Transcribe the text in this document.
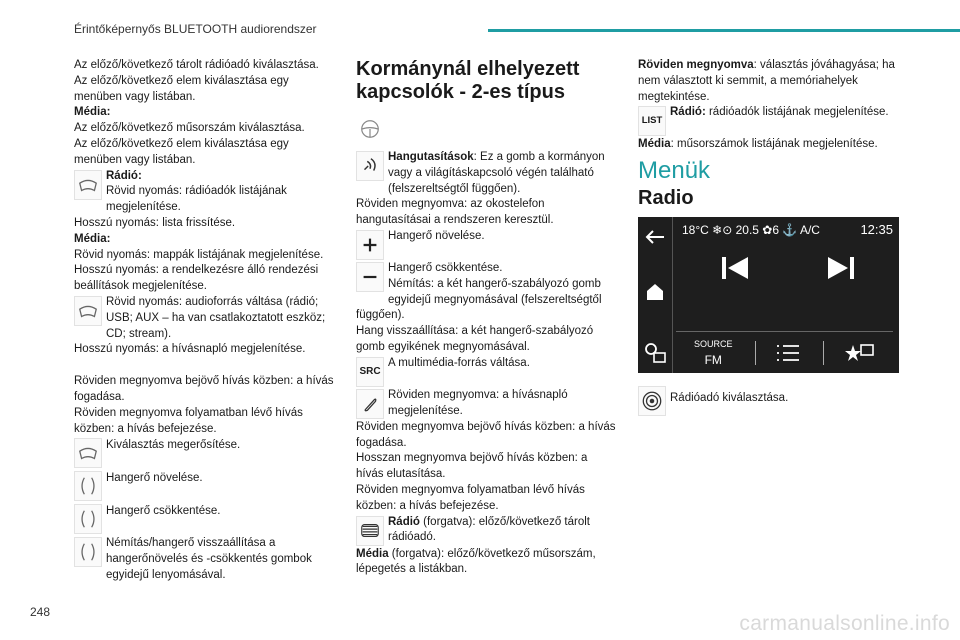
Érintőképernyős BLUETOOTH audiorendszer

Az előző/következő tárolt rádióadó kiválasztása.

Az előző/következő elem kiválasztása egy menüben vagy listában.

Média:

Az előző/következő műsorszám kiválasztása.

Az előző/következő elem kiválasztása egy menüben vagy listában.

Rádió:

Rövid nyomás: rádióadók listájának megjelenítése.

Hosszú nyomás: lista frissítése.

Média:

Rövid nyomás: mappák listájának megjelenítése.

Hosszú nyomás: a rendelkezésre álló rendezési beállítások megjelenítése.

Rövid nyomás: audioforrás váltása (rádió; USB; AUX – ha van csatlakoztatott eszköz; CD; stream).

Hosszú nyomás: a hívásnapló megjelenítése.

Röviden megnyomva bejövő hívás közben: a hívás fogadása.

Röviden megnyomva folyamatban lévő hívás közben: a hívás befejezése.

Kiválasztás megerősítése.

Hangerő növelése.

Hangerő csökkentése.

Némítás/hangerő visszaállítása a hangerőnövelés és -csökkentés gombok egyidejű lenyomásával.

Kormánynál elhelyezett kapcsolók - 2-es típus

Hangutasítások: Ez a gomb a kormányon vagy a világításkapcsoló végén található (felszereltségtől függően).

Röviden megnyomva: az okostelefon hangutasításai a rendszeren keresztül.

Hangerő növelése.

Hangerő csökkentése.

Némítás: a két hangerő-szabályozó gomb egyidejű megnyomásával (felszereltségtől függően).

Hang visszaállítása: a két hangerő-szabályozó gomb egyikének megnyomásával.

SRC

A multimédia-forrás váltása.

Röviden megnyomva: a hívásnapló megjelenítése.

Röviden megnyomva bejövő hívás közben: a hívás fogadása.

Hosszan megnyomva bejövő hívás közben: a hívás elutasítása.

Röviden megnyomva folyamatban lévő hívás közben: a hívás befejezése.

Rádió (forgatva): előző/következő tárolt rádióadó.

Média (forgatva): előző/következő műsorszám, lépegetés a listákban.

Röviden megnyomva: választás jóváhagyása; ha nem választott ki semmit, a memóriahelyek megtekintése.

LIST

Rádió: rádióadók listájának megjelenítése.

Média: műsorszámok listájának megjelenítése.

Menük
Radio
18°C ❄⊙ 20.5 ✿6 ⚓ A/C	12:35
SOURCE
FM

Rádióadó kiválasztása.

248	carmanualsonline.info
